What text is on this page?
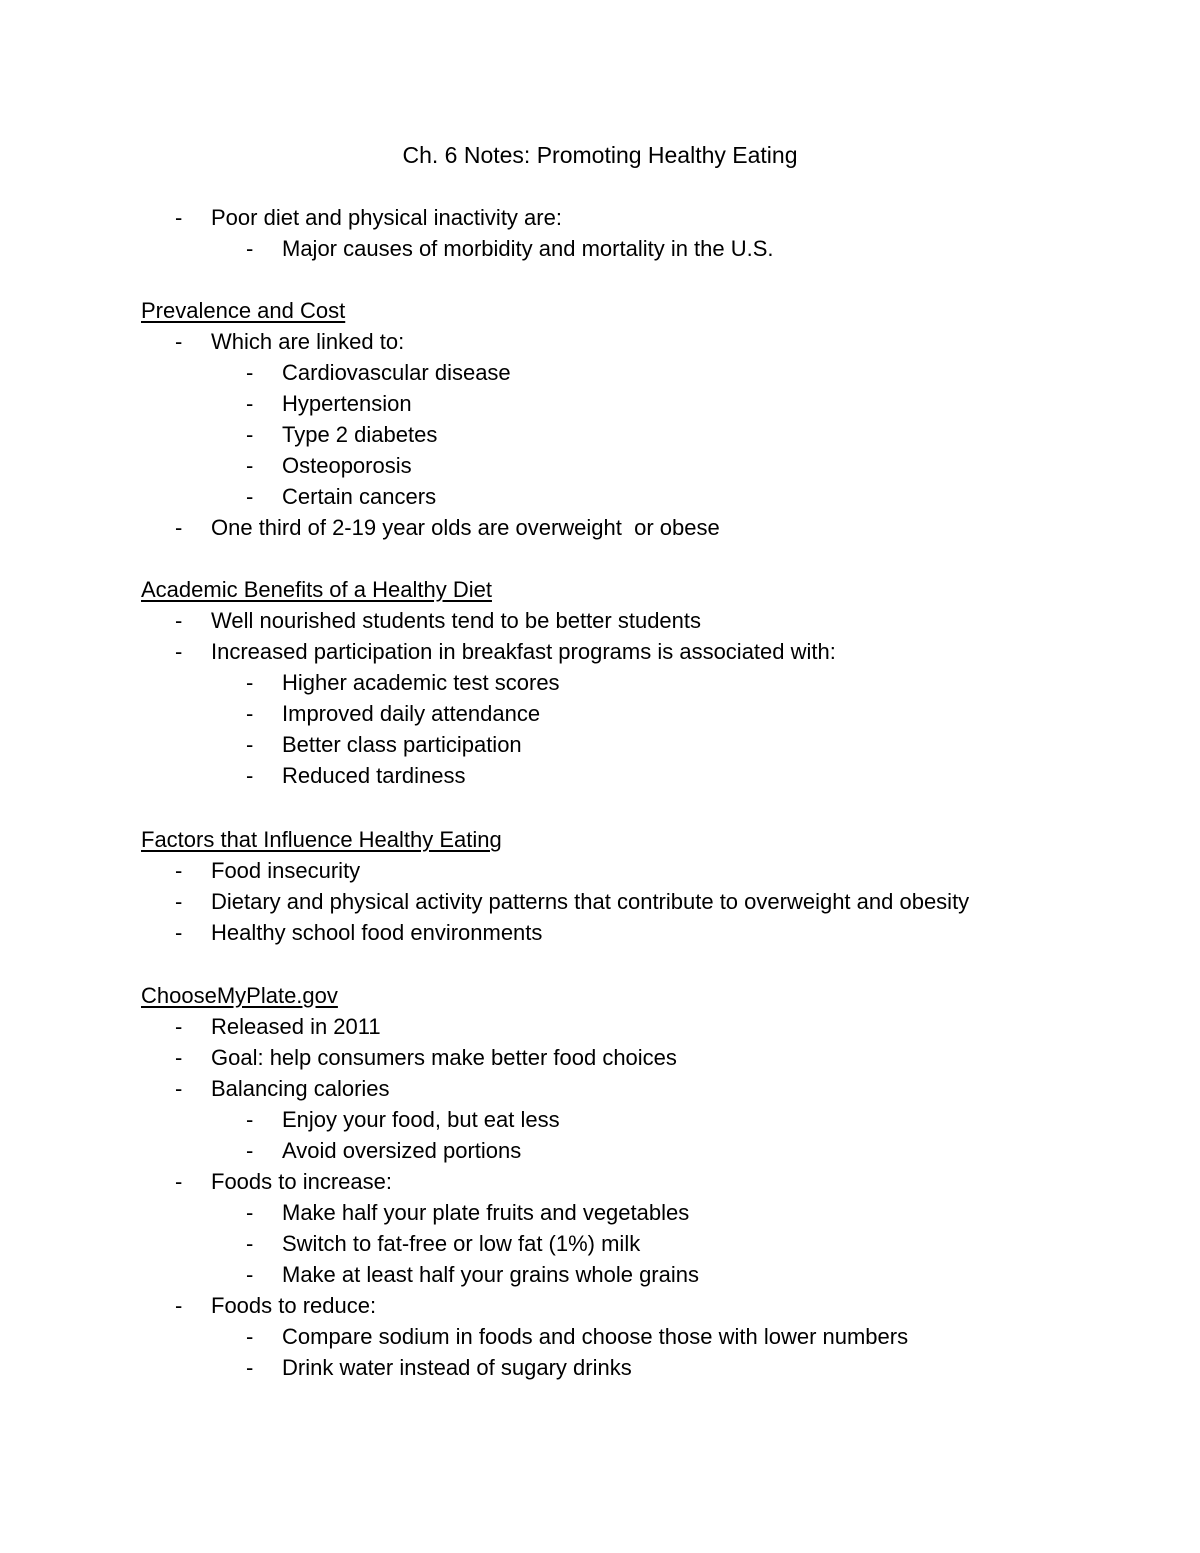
Ch. 6 Notes: Promoting Healthy Eating
- Poor diet and physical inactivity are:
- Major causes of morbidity and mortality in the U.S.
Prevalence and Cost
- Which are linked to:
- Cardiovascular disease
- Hypertension
- Type 2 diabetes
- Osteoporosis
- Certain cancers
- One third of 2-19 year olds are overweight  or obese
Academic Benefits of a Healthy Diet
- Well nourished students tend to be better students
- Increased participation in breakfast programs is associated with:
- Higher academic test scores
- Improved daily attendance
- Better class participation
- Reduced tardiness
Factors that Influence Healthy Eating
- Food insecurity
- Dietary and physical activity patterns that contribute to overweight and obesity
- Healthy school food environments
ChooseMyPlate.gov
- Released in 2011
- Goal: help consumers make better food choices
- Balancing calories
- Enjoy your food, but eat less
- Avoid oversized portions
- Foods to increase:
- Make half your plate fruits and vegetables
- Switch to fat-free or low fat (1%) milk
- Make at least half your grains whole grains
- Foods to reduce:
- Compare sodium in foods and choose those with lower numbers
- Drink water instead of sugary drinks
